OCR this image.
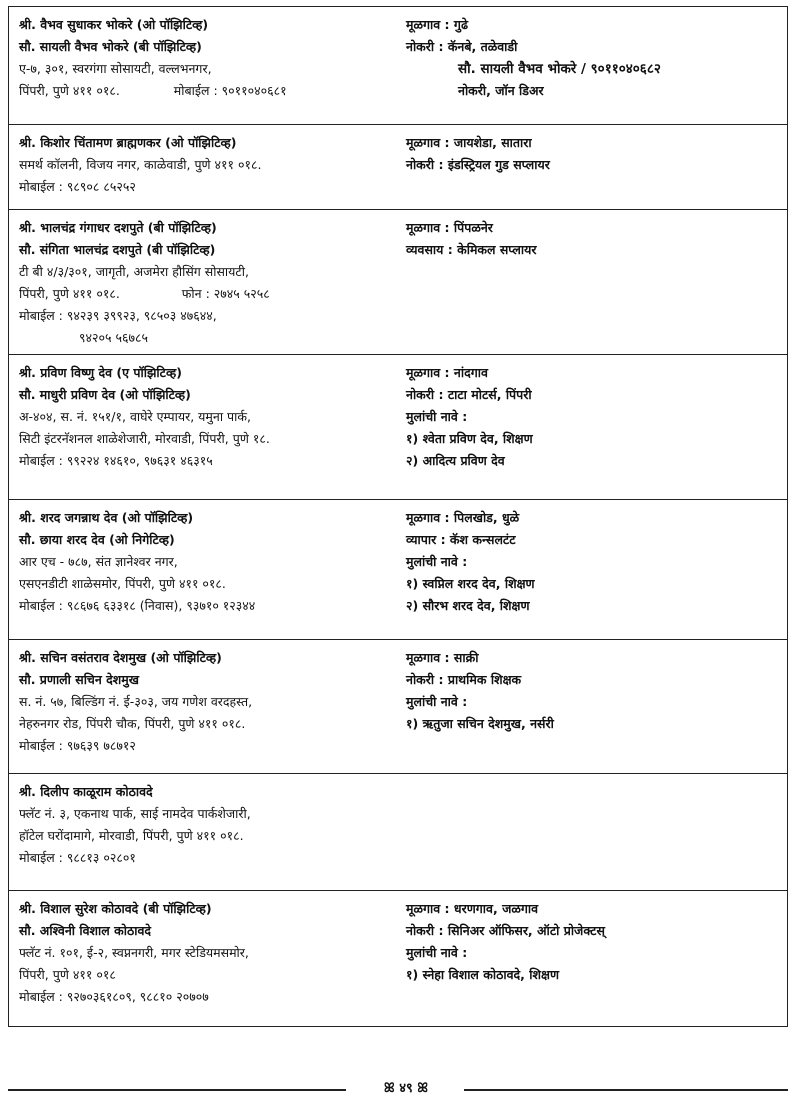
श्री. वैभव सुधाकर भोकरे (ओ पॉझिटिव्ह)
सौ. सायली वैभव भोकरे (बी पॉझिटिव्ह)
ए-७, ३०१, स्वरगंगा सोसायटी, वल्लभनगर,
पिंपरी, पुणे ४११ ०१८.	मोबाईल : ९०११०४०६८१
मूळगाव : गुढे
नोकरी : कॅनबे, तळेवाडी
सौ. सायली वैभव भोकरे / ९०११०४०६८२
नोकरी, जॉन डिअर
श्री. किशोर चिंतामण ब्राह्मणकर (ओ पॉझिटिव्ह)
समर्थ कॉलनी, विजय नगर, काळेवाडी, पुणे ४११ ०१८.
मोबाईल : ९८९०८ ८५२५२
मूळगाव : जायशेडा, सातारा
नोकरी : इंडस्ट्रियल गुड सप्लायर
श्री. भालचंद्र गंगाधर दशपुते (बी पॉझिटिव्ह)
सौ. संगिता भालचंद्र दशपुते (बी पॉझिटिव्ह)
टी बी ४/३/३०१, जागृती, अजमेरा हौसिंग सोसायटी,
पिंपरी, पुणे ४११ ०१८.	फोन : २७४५ ५२५८
मोबाईल : ९४२३९ ३९९२३, ९८५०३ ४७६४४,
९४२०५ ५६७८५
मूळगाव : पिंपळनेर
व्यवसाय : केमिकल सप्लायर
श्री. प्रविण विष्णु देव (ए पॉझिटिव्ह)
सौ. माधुरी प्रविण देव (ओ पॉझिटिव्ह)
अ-४०४, स. नं. १५१/१, वाघेरे एम्पायर, यमुना पार्क,
सिटी इंटरनॅशनल शाळेशेजारी, मोरवाडी, पिंपरी, पुणे १८.
मोबाईल : ९९२२४ १४६१०, ९७६३१ ४६३१५
मूळगाव : नांदगाव
नोकरी : टाटा मोटर्स, पिंपरी
मुलांची नावे :
१) श्वेता प्रविण देव, शिक्षण
२) आदित्य प्रविण देव
श्री. शरद जगन्नाथ देव (ओ पॉझिटिव्ह)
सौ. छाया शरद देव (ओ निगेटिव्ह)
आर एच - ७८७, संत ज्ञानेश्वर नगर,
एसएनडीटी शाळेसमोर, पिंपरी, पुणे ४११ ०१८.
मोबाईल : ९८६७६ ६३३१८ (निवास), ९३७१० १२३४४
मूळगाव : पिलखोड, धुळे
व्यापार : कॅश कन्सलटंट
मुलांची नावे :
१) स्वप्निल शरद देव, शिक्षण
२) सौरभ शरद देव, शिक्षण
श्री. सचिन वसंतराव देशमुख (ओ पॉझिटिव्ह)
सौ. प्रणाली सचिन देशमुख
स. नं. ५७, बिल्डिंग नं. ई-३०३, जय गणेश वरदहस्त,
नेहरुनगर रोड, पिंपरी चौक, पिंपरी, पुणे ४११ ०१८.
मोबाईल : ९७६३९ ७८७१२
मूळगाव : साक्री
नोकरी : प्राथमिक शिक्षक
मुलांची नावे :
१) ऋतुजा सचिन देशमुख, नर्सरी
श्री. दिलीप काळूराम कोठावदे
फ्लॅट नं. ३, एकनाथ पार्क, साई नामदेव पार्कशेजारी,
हॉटेल घरोंदामागे, मोरवाडी, पिंपरी, पुणे ४११ ०१८.
मोबाईल : ९८८१३ ०२८०१
श्री. विशाल सुरेश कोठावदे (बी पॉझिटिव्ह)
सौ. अश्विनी विशाल कोठावदे
फ्लॅट नं. १०१, ई-२, स्वप्ननगरी, मगर स्टेडियमसमोर,
पिंपरी, पुणे ४११ ०१८
मोबाईल : ९२७०३६१८०९, ९८८१० २०७०७
मूळगाव : धरणगाव, जळगाव
नोकरी : सिनिअर ऑफिसर, ऑटो प्रोजेक्टस्
मुलांची नावे :
१) स्नेहा विशाल कोठावदे, शिक्षण
ꕤ ४९ ꕤ
